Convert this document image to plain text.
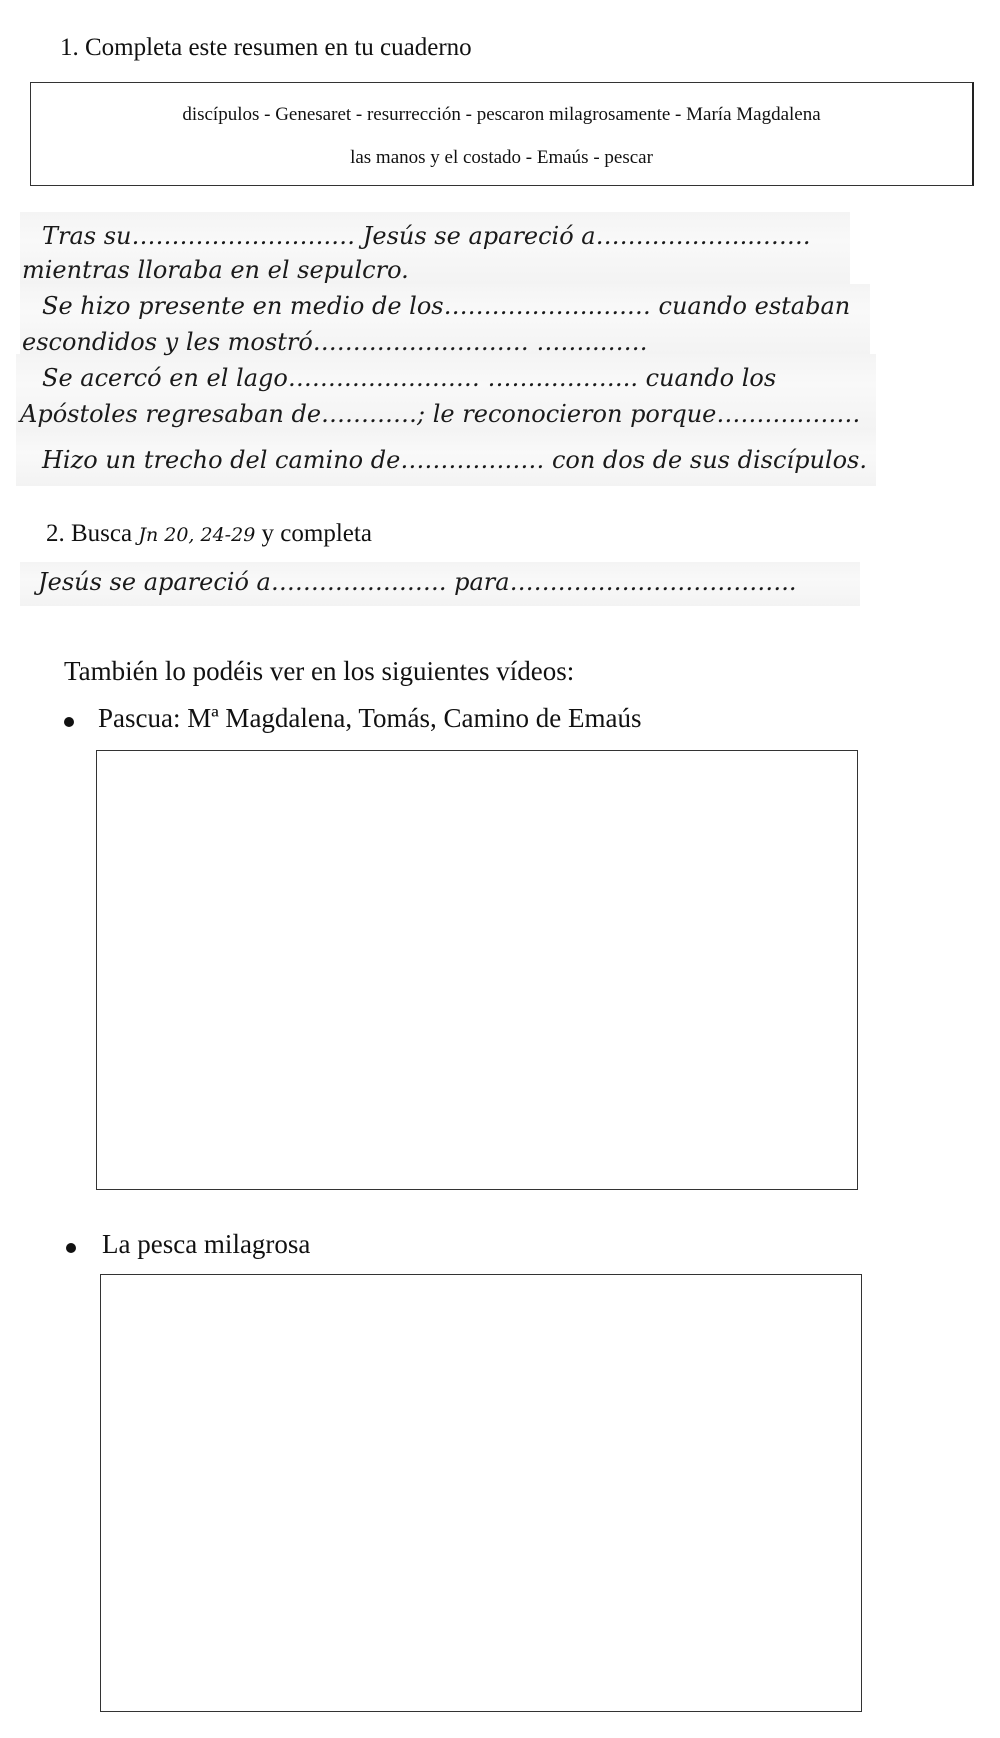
1. Completa este resumen en tu cuaderno
discípulos - Genesaret - resurrección - pescaron milagrosamente - María Magdalena
las manos y el costado - Emaús - pescar
Tras su…………………….… Jesús se apareció a………………..…….
mientras lloraba en el sepulcro.
Se hizo presente en medio de los……………….….… cuando estaban
escondidos y les mostró……………………… ……..……
Se acercó en el lago…………………… ……..……….. cuando los
Apóstoles regresaban de…………; le reconocieron porque………………
Hizo un trecho del camino de……………… con dos de sus discípulos.
2. Busca Jn 20, 24-29 y completa
Jesús se apareció a…………………. para…………….………………..
También lo podéis ver en los siguientes vídeos:
Pascua: Mª Magdalena, Tomás, Camino de Emaús
La pesca milagrosa
